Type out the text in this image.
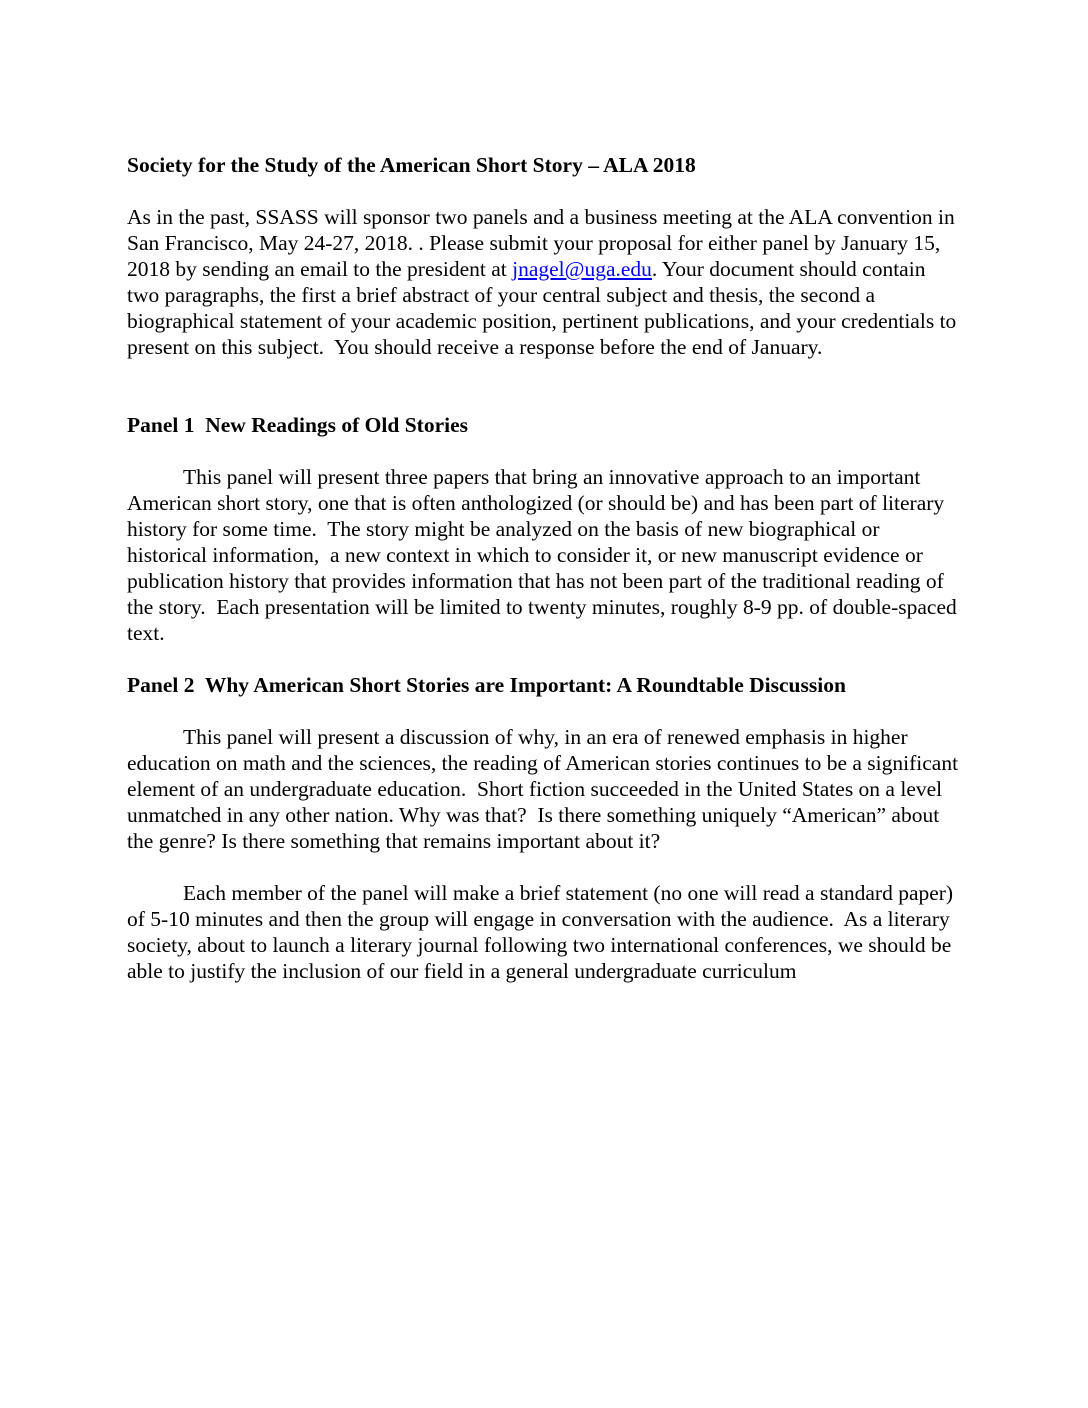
Society for the Study of the American Short Story – ALA 2018

As in the past, SSASS will sponsor two panels and a business meeting at the ALA convention in San Francisco, May 24-27, 2018. . Please submit your proposal for either panel by January 15, 2018 by sending an email to the president at jnagel@uga.edu. Your document should contain two paragraphs, the first a brief abstract of your central subject and thesis, the second a biographical statement of your academic position, pertinent publications, and your credentials to present on this subject.  You should receive a response before the end of January.

Panel 1  New Readings of Old Stories

This panel will present three papers that bring an innovative approach to an important American short story, one that is often anthologized (or should be) and has been part of literary history for some time.  The story might be analyzed on the basis of new biographical or historical information,  a new context in which to consider it, or new manuscript evidence or publication history that provides information that has not been part of the traditional reading of the story.  Each presentation will be limited to twenty minutes, roughly 8-9 pp. of double-spaced text.

Panel 2  Why American Short Stories are Important: A Roundtable Discussion

This panel will present a discussion of why, in an era of renewed emphasis in higher education on math and the sciences, the reading of American stories continues to be a significant element of an undergraduate education.  Short fiction succeeded in the United States on a level unmatched in any other nation. Why was that?  Is there something uniquely “American” about the genre? Is there something that remains important about it?

Each member of the panel will make a brief statement (no one will read a standard paper) of 5-10 minutes and then the group will engage in conversation with the audience.  As a literary society, about to launch a literary journal following two international conferences, we should be able to justify the inclusion of our field in a general undergraduate curriculum
